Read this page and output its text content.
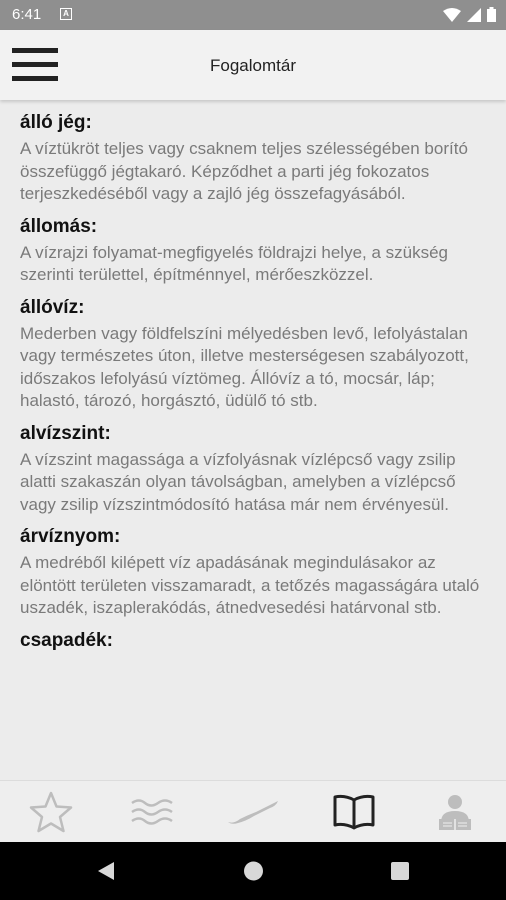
6:41	A
Fogalomtár
álló jég:

A víztükröt teljes vagy csaknem teljes szélességében borító összefüggő jégtakaró. Képződhet a parti jég fokozatos terjeszkedéséből vagy a zajló jég összefagyásából.

állomás:

A vízrajzi folyamat-megfigyelés földrajzi helye, a szükség szerinti területtel, építménnyel, mérőeszközzel.

állóvíz:

Mederben vagy földfelszíni mélyedésben levő, lefolyástalan vagy természetes úton, illetve mesterségesen szabályozott, időszakos lefolyású víztömeg. Állóvíz a tó, mocsár, láp; halastó, tározó, horgásztó, üdülő tó stb.

alvízszint:

A vízszint magassága a vízfolyásnak vízlépcső vagy zsilip alatti szakaszán olyan távolságban, amelyben a vízlépcső vagy zsilip vízszintmódosító hatása már nem érvényesül.

árvíznyom:

A medréből kilépett víz apadásának megindulásakor az elöntött területen visszamaradt, a tetőzés magasságára utaló uszadék, iszaplerakódás, átnedvesedési határvonal stb.

csapadék:
